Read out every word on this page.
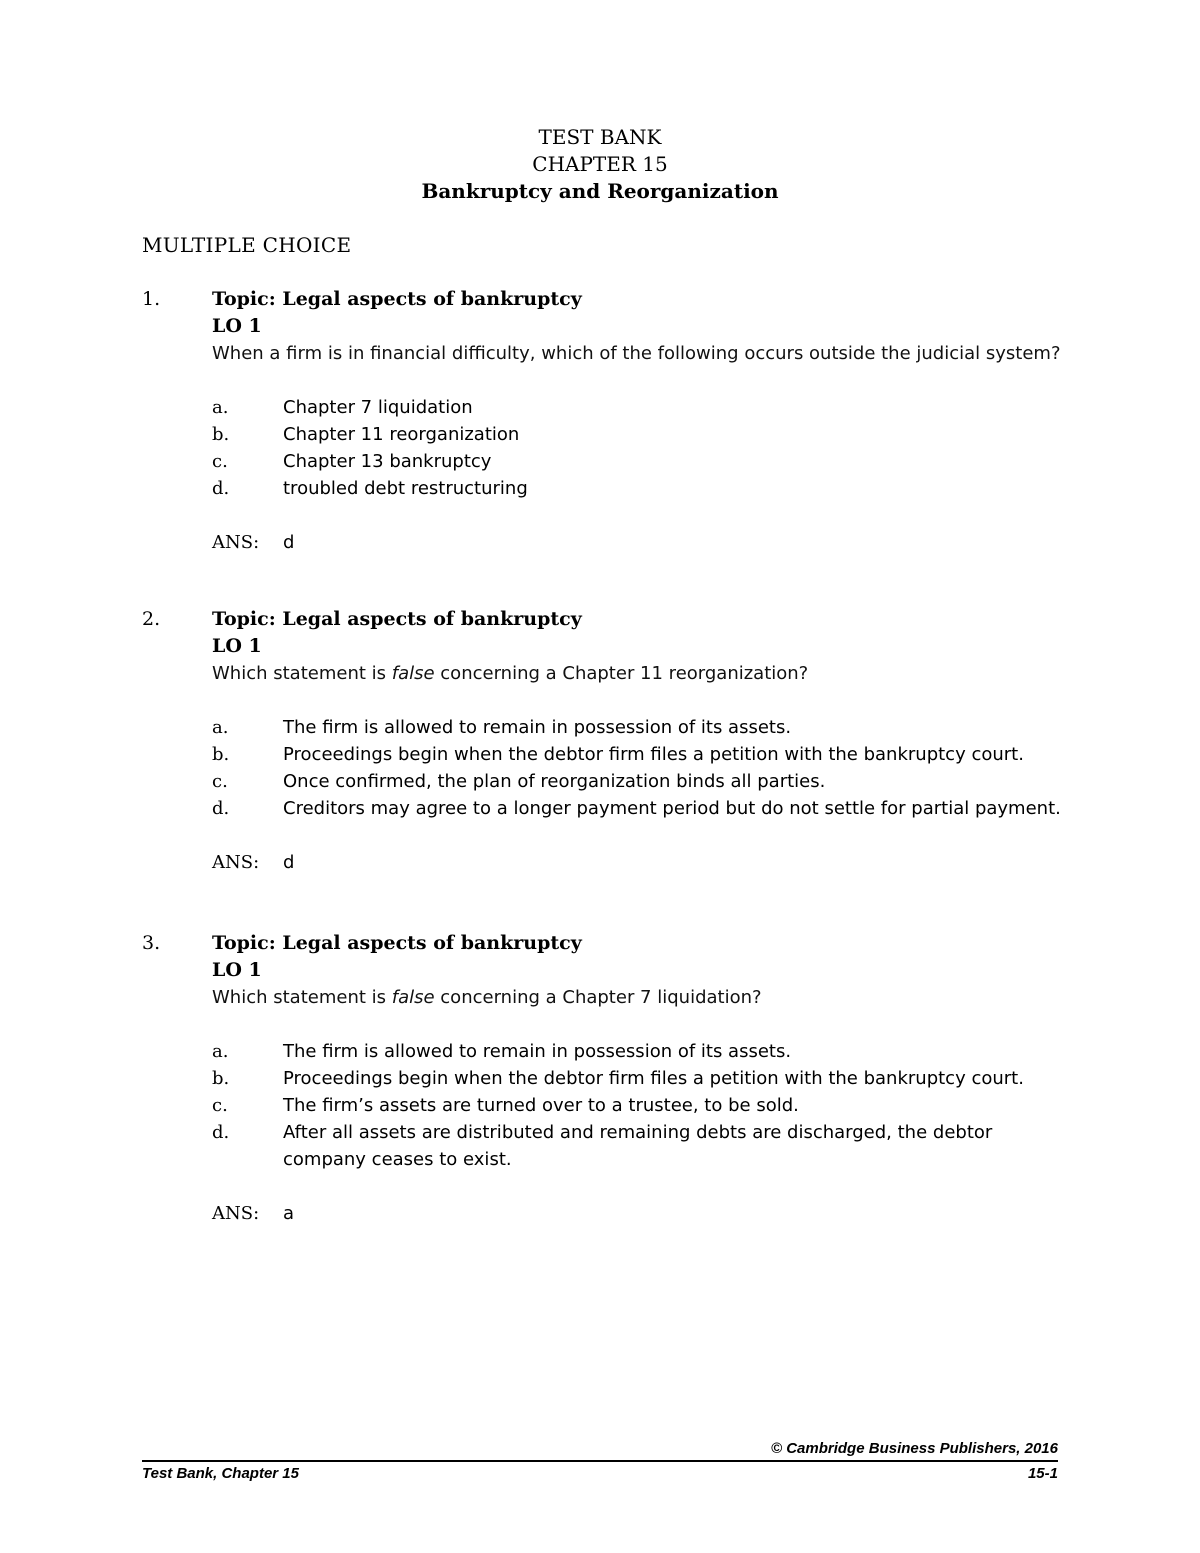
TEST BANK
CHAPTER 15
Bankruptcy and Reorganization
MULTIPLE CHOICE
1.	Topic: Legal aspects of bankruptcy
LO 1
When a firm is in financial difficulty, which of the following occurs outside the judicial system?
a.	Chapter 7 liquidation
b.	Chapter 11 reorganization
c.	Chapter 13 bankruptcy
d.	troubled debt restructuring
ANS: d
2.	Topic: Legal aspects of bankruptcy
LO 1
Which statement is false concerning a Chapter 11 reorganization?
a.	The firm is allowed to remain in possession of its assets.
b.	Proceedings begin when the debtor firm files a petition with the bankruptcy court.
c.	Once confirmed, the plan of reorganization binds all parties.
d.	Creditors may agree to a longer payment period but do not settle for partial payment.
ANS: d
3.	Topic: Legal aspects of bankruptcy
LO 1
Which statement is false concerning a Chapter 7 liquidation?
a.	The firm is allowed to remain in possession of its assets.
b.	Proceedings begin when the debtor firm files a petition with the bankruptcy court.
c.	The firm’s assets are turned over to a trustee, to be sold.
d.	After all assets are distributed and remaining debts are discharged, the debtor company ceases to exist.
ANS: a
© Cambridge Business Publishers, 2016
Test Bank, Chapter 15	15-1
